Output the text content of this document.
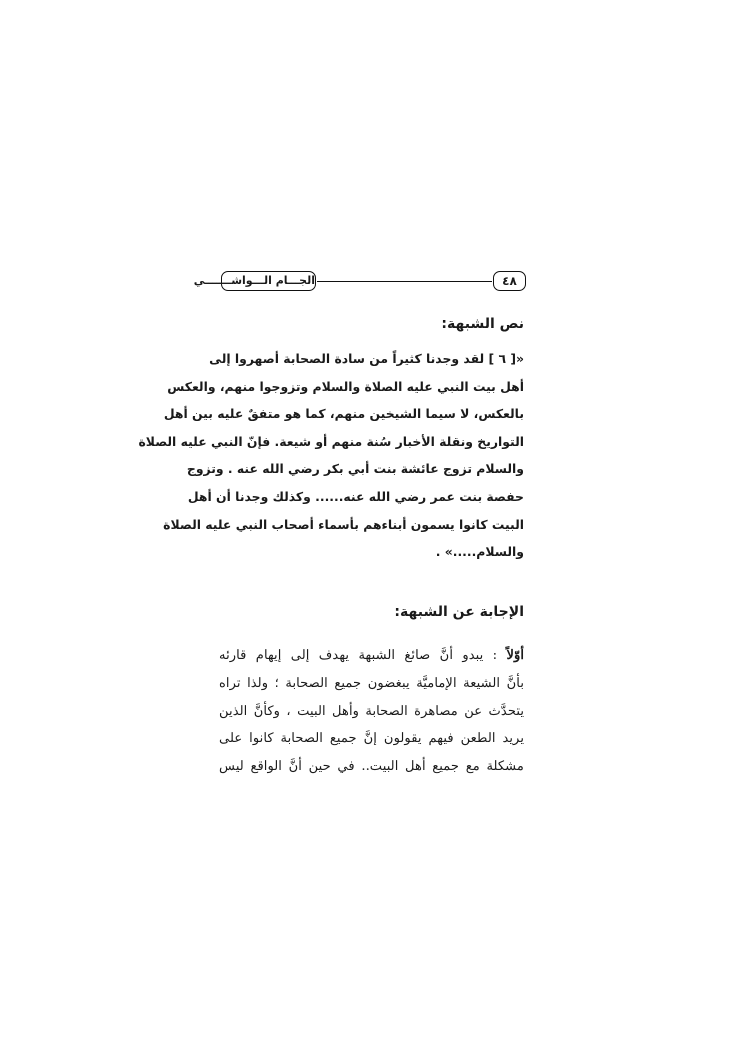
٤٨
الجـــام الـــواشـــــــي
نص الشبهة:
«[ ٦ ] لقد وجدنا كثيراً من سادة الصحابة أصهروا إلى
أهل بيت النبي عليه الصلاة والسلام وتزوجوا منهم، والعكس
بالعكس، لا سيما الشيخين منهم، كما هو متفقٌ عليه بين أهل
التواريخ ونقلة الأخبار سُنة منهم أو شيعة. فإنّ النبي عليه الصلاة
والسلام تزوج عائشة بنت أبي بكر رضي الله عنه . وتزوج
حفصة بنت عمر رضي الله عنه...... وكذلك وجدنا أن أهل
البيت كانوا يسمون أبناءهم بأسماء أصحاب النبي عليه الصلاة
والسلام.....» .
الإجابة عن الشبهة:
أوّلاً : يبدو أنَّ صائغ الشبهة يهدف إلى إيهام قارئه
بأنَّ الشيعة الإماميَّة يبغضون جميع الصحابة ؛ ولذا تراه
يتحدَّث عن مصاهرة الصحابة وأهل البيت ، وكأنَّ الذين
يريد الطعن فيهم يقولون إنَّ جميع الصحابة كانوا على
مشكلة مع جميع أهل البيت.. في حين أنَّ الواقع ليس
